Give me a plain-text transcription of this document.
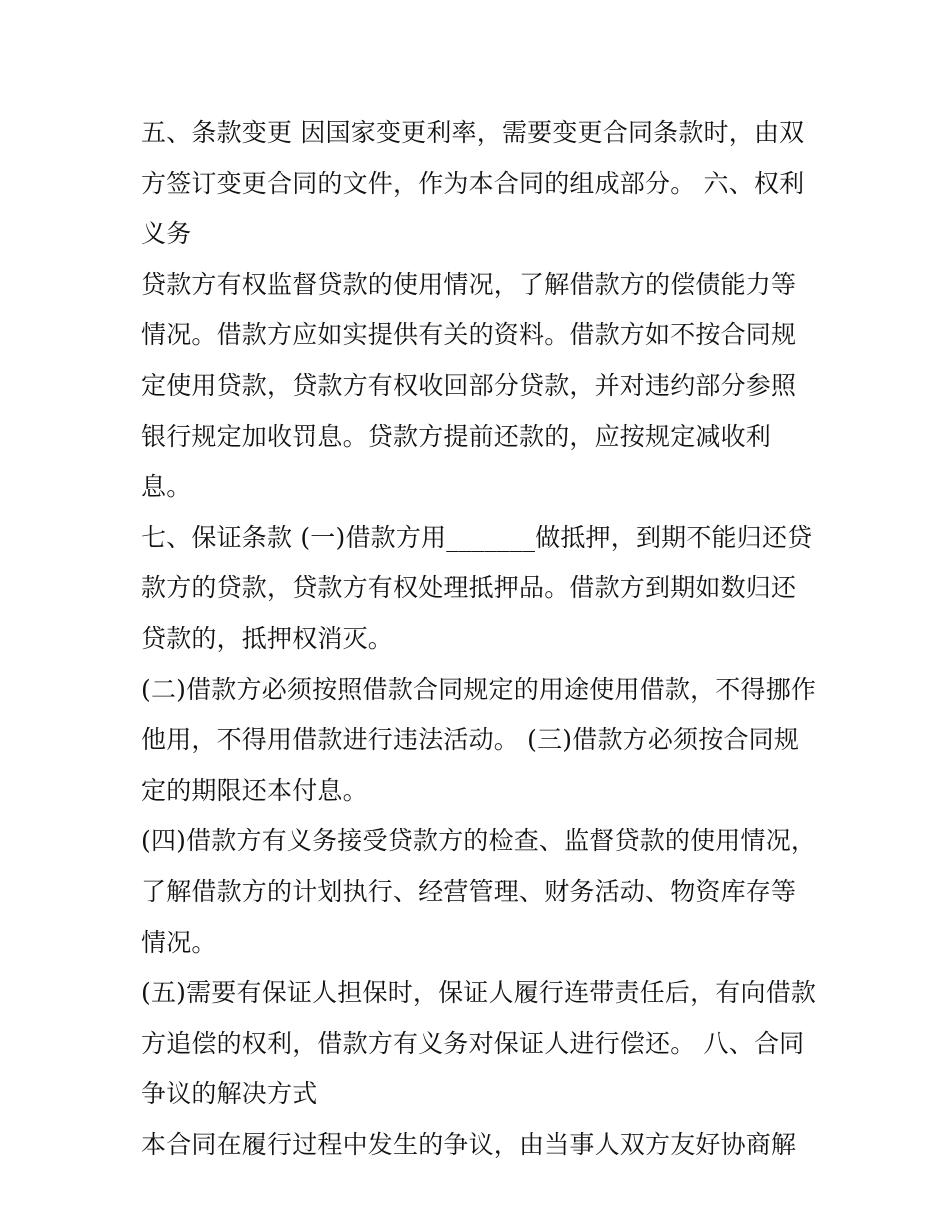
五、条款变更 因国家变更利率，需要变更合同条款时，由双方签订变更合同的文件，作为本合同的组成部分。 六、权利义务

贷款方有权监督贷款的使用情况，了解借款方的偿债能力等情况。借款方应如实提供有关的资料。借款方如不按合同规定使用贷款，贷款方有权收回部分贷款，并对违约部分参照银行规定加收罚息。贷款方提前还款的，应按规定减收利息。

七、保证条款 (一)借款方用_______做抵押，到期不能归还贷款方的贷款，贷款方有权处理抵押品。借款方到期如数归还贷款的，抵押权消灭。

(二)借款方必须按照借款合同规定的用途使用借款，不得挪作他用，不得用借款进行违法活动。 (三)借款方必须按合同规定的期限还本付息。

(四)借款方有义务接受贷款方的检查、监督贷款的使用情况，了解借款方的计划执行、经营管理、财务活动、物资库存等情况。

(五)需要有保证人担保时，保证人履行连带责任后，有向借款方追偿的权利，借款方有义务对保证人进行偿还。 八、合同争议的解决方式

本合同在履行过程中发生的争议，由当事人双方友好协商解
